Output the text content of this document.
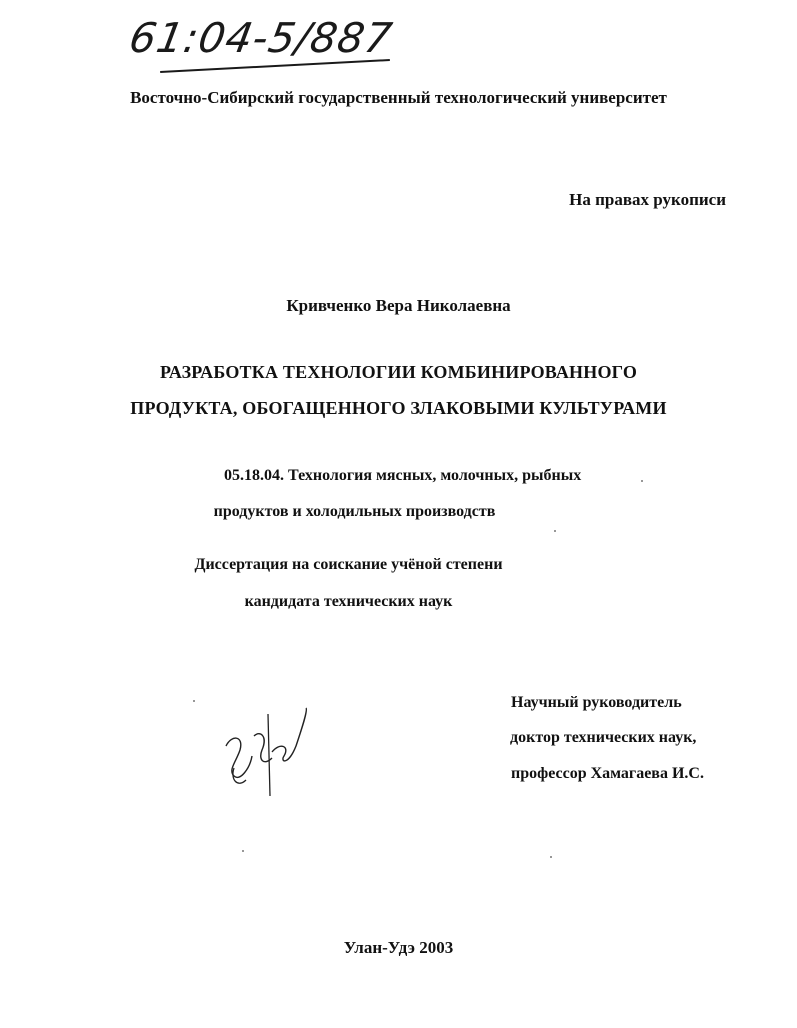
61:04-5/887
Восточно-Сибирский государственный технологический университет
На правах рукописи
Кривченко Вера Николаевна
РАЗРАБОТКА ТЕХНОЛОГИИ КОМБИНИРОВАННОГО
ПРОДУКТА, ОБОГАЩЕННОГО ЗЛАКОВЫМИ КУЛЬТУРАМИ
05.18.04. Технология мясных, молочных, рыбных
продуктов и холодильных производств
Диссертация на соискание учёной степени
кандидата технических наук
Научный руководитель
доктор технических наук,
профессор Хамагаева И.С.
Улан-Удэ 2003
